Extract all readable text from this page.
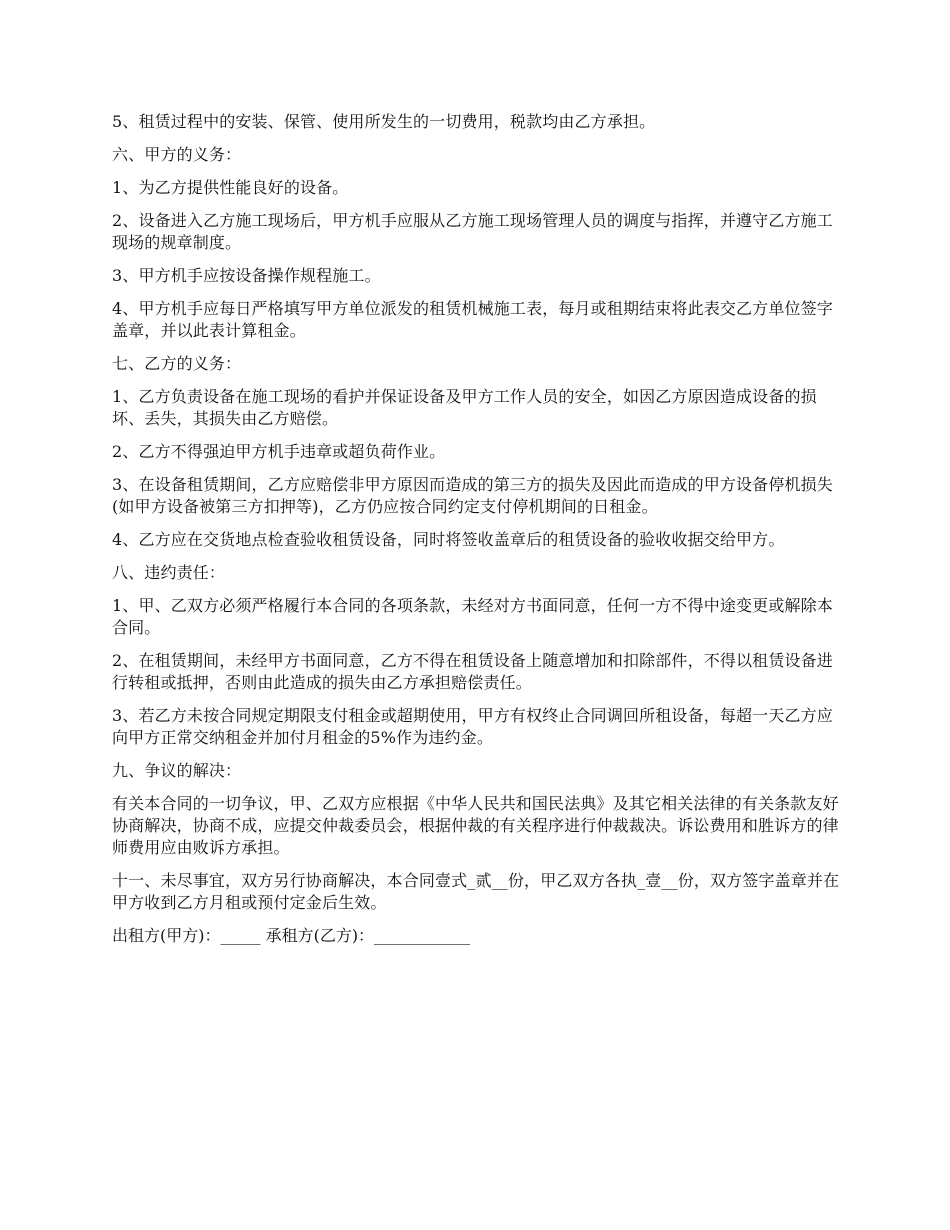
5、租赁过程中的安装、保管、使用所发生的一切费用，税款均由乙方承担。

六、甲方的义务：

1、为乙方提供性能良好的设备。

2、设备进入乙方施工现场后，甲方机手应服从乙方施工现场管理人员的调度与指挥，并遵守乙方施工现场的规章制度。

3、甲方机手应按设备操作规程施工。

4、甲方机手应每日严格填写甲方单位派发的租赁机械施工表，每月或租期结束将此表交乙方单位签字盖章，并以此表计算租金。

七、乙方的义务：

1、乙方负责设备在施工现场的看护并保证设备及甲方工作人员的安全，如因乙方原因造成设备的损坏、丢失，其损失由乙方赔偿。

2、乙方不得强迫甲方机手违章或超负荷作业。

3、在设备租赁期间，乙方应赔偿非甲方原因而造成的第三方的损失及因此而造成的甲方设备停机损失(如甲方设备被第三方扣押等)，乙方仍应按合同约定支付停机期间的日租金。

4、乙方应在交货地点检查验收租赁设备，同时将签收盖章后的租赁设备的验收收据交给甲方。

八、违约责任：

1、甲、乙双方必须严格履行本合同的各项条款，未经对方书面同意，任何一方不得中途变更或解除本合同。

2、在租赁期间，未经甲方书面同意，乙方不得在租赁设备上随意增加和扣除部件，不得以租赁设备进行转租或抵押，否则由此造成的损失由乙方承担赔偿责任。

3、若乙方未按合同规定期限支付租金或超期使用，甲方有权终止合同调回所租设备，每超一天乙方应向甲方正常交纳租金并加付月租金的5%作为违约金。

九、争议的解决：

有关本合同的一切争议，甲、乙双方应根据《中华人民共和国民法典》及其它相关法律的有关条款友好协商解决，协商不成，应提交仲裁委员会，根据仲裁的有关程序进行仲裁裁决。诉讼费用和胜诉方的律师费用应由败诉方承担。

十一、未尽事宜，双方另行协商解决，本合同壹式_贰__份，甲乙双方各执_壹__份，双方签字盖章并在甲方收到乙方月租或预付定金后生效。

出租方(甲方)：_____ 承租方(乙方)：____________
